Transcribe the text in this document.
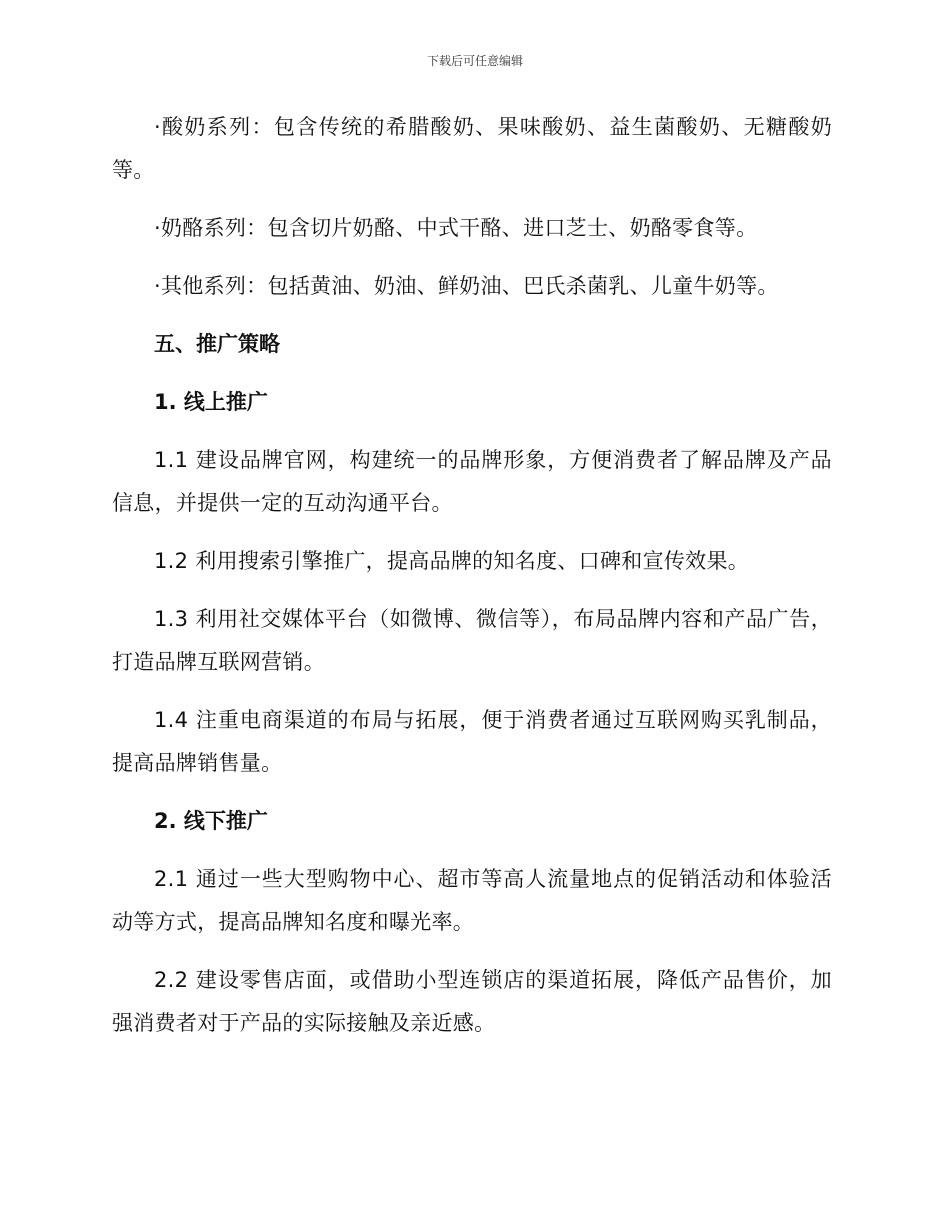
下载后可任意编辑

·酸奶系列：包含传统的希腊酸奶、果味酸奶、益生菌酸奶、无糖酸奶等。

·奶酪系列：包含切片奶酪、中式干酪、进口芝士、奶酪零食等。

·其他系列：包括黄油、奶油、鲜奶油、巴氏杀菌乳、儿童牛奶等。

五、推广策略

1. 线上推广

1.1 建设品牌官网，构建统一的品牌形象，方便消费者了解品牌及产品信息，并提供一定的互动沟通平台。

1.2 利用搜索引擎推广，提高品牌的知名度、口碑和宣传效果。

1.3 利用社交媒体平台（如微博、微信等），布局品牌内容和产品广告，打造品牌互联网营销。

1.4 注重电商渠道的布局与拓展，便于消费者通过互联网购买乳制品，提高品牌销售量。

2. 线下推广

2.1 通过一些大型购物中心、超市等高人流量地点的促销活动和体验活动等方式，提高品牌知名度和曝光率。

2.2 建设零售店面，或借助小型连锁店的渠道拓展，降低产品售价，加强消费者对于产品的实际接触及亲近感。
